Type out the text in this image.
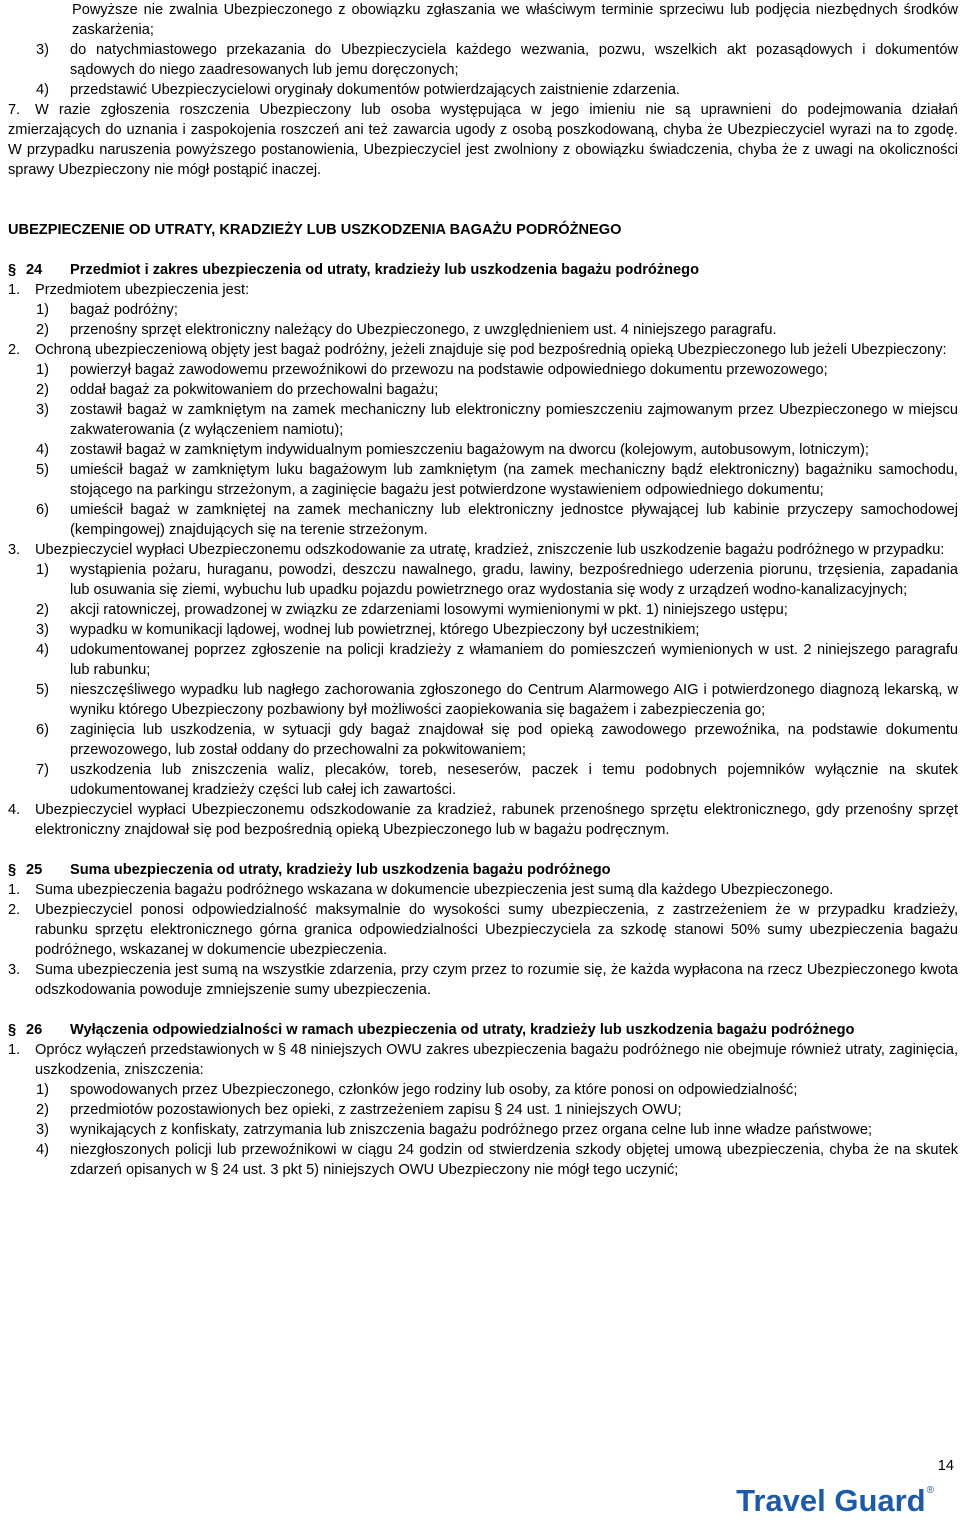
Powyższe nie zwalnia Ubezpieczonego z obowiązku zgłaszania we właściwym terminie sprzeciwu lub podjęcia niezbędnych środków zaskarżenia;

3)	do natychmiastowego przekazania do Ubezpieczyciela każdego wezwania, pozwu, wszelkich akt pozasądowych i dokumentów sądowych do niego zaadresowanych lub jemu doręczonych;
4)	przedstawić Ubezpieczycielowi oryginały dokumentów potwierdzających zaistnienie zdarzenia.
7.	W razie zgłoszenia roszczenia Ubezpieczony lub osoba występująca w jego imieniu nie są uprawnieni do podejmowania działań zmierzających do uznania i zaspokojenia roszczeń ani też zawarcia ugody z osobą poszkodowaną, chyba że Ubezpieczyciel wyrazi na to zgodę. W przypadku naruszenia powyższego postanowienia, Ubezpieczyciel jest zwolniony z obowiązku świadczenia, chyba że z uwagi na okoliczności sprawy Ubezpieczony nie mógł postąpić inaczej.
UBEZPIECZENIE OD UTRATY, KRADZIEŻY LUB USZKODZENIA BAGAŻU PODRÓŻNEGO
§ 24	Przedmiot i zakres ubezpieczenia od utraty, kradzieży lub uszkodzenia bagażu podróżnego
1.	Przedmiotem ubezpieczenia jest:
1)	bagaż podróżny;
2)	przenośny sprzęt elektroniczny należący do Ubezpieczonego, z uwzględnieniem ust. 4 niniejszego paragrafu.
2.	Ochroną ubezpieczeniową objęty jest bagaż podróżny, jeżeli znajduje się pod bezpośrednią opieką Ubezpieczonego lub jeżeli Ubezpieczony:
1)	powierzył bagaż zawodowemu przewoźnikowi do przewozu na podstawie odpowiedniego dokumentu przewozowego;
2)	oddał bagaż za pokwitowaniem do przechowalni bagażu;
3)	zostawił bagaż w zamkniętym na zamek mechaniczny lub elektroniczny pomieszczeniu zajmowanym przez Ubezpieczonego w miejscu zakwaterowania (z wyłączeniem namiotu);
4)	zostawił bagaż w zamkniętym indywidualnym pomieszczeniu bagażowym na dworcu (kolejowym, autobusowym, lotniczym);
5)	umieścił bagaż w zamkniętym luku bagażowym lub zamkniętym (na zamek mechaniczny bądź elektroniczny) bagażniku samochodu, stojącego na parkingu strzeżonym, a zaginięcie bagażu jest potwierdzone wystawieniem odpowiedniego dokumentu;
6)	umieścił bagaż w zamkniętej na zamek mechaniczny lub elektroniczny jednostce pływającej lub kabinie przyczepy samochodowej (kempingowej) znajdujących się na terenie strzeżonym.
3.	Ubezpieczyciel wypłaci Ubezpieczonemu odszkodowanie za utratę, kradzież, zniszczenie lub uszkodzenie bagażu podróżnego w przypadku:
1)	wystąpienia pożaru, huraganu, powodzi, deszczu nawalnego, gradu, lawiny, bezpośredniego uderzenia piorunu, trzęsienia, zapadania lub osuwania się ziemi, wybuchu lub upadku pojazdu powietrznego oraz wydostania się wody z urządzeń wodno-kanalizacyjnych;
2)	akcji ratowniczej, prowadzonej w związku ze zdarzeniami losowymi wymienionymi w pkt. 1) niniejszego ustępu;
3)	wypadku w komunikacji lądowej, wodnej lub powietrznej, którego Ubezpieczony był uczestnikiem;
4)	udokumentowanej poprzez zgłoszenie na policji kradzieży z włamaniem do pomieszczeń wymienionych w ust. 2 niniejszego paragrafu lub rabunku;
5)	nieszczęśliwego wypadku lub nagłego zachorowania zgłoszonego do Centrum Alarmowego AIG i potwierdzonego diagnozą lekarską, w wyniku którego Ubezpieczony pozbawiony był możliwości zaopiekowania się bagażem i zabezpieczenia go;
6)	zaginięcia lub uszkodzenia, w sytuacji gdy bagaż znajdował się pod opieką zawodowego przewoźnika, na podstawie dokumentu przewozowego, lub został oddany do przechowalni za pokwitowaniem;
7)	uszkodzenia lub zniszczenia waliz, plecaków, toreb, neseserów, paczek i temu podobnych pojemników wyłącznie na skutek udokumentowanej kradzieży części lub całej ich zawartości.
4.	Ubezpieczyciel wypłaci Ubezpieczonemu odszkodowanie za kradzież, rabunek przenośnego sprzętu elektronicznego, gdy przenośny sprzęt elektroniczny znajdował się pod bezpośrednią opieką Ubezpieczonego lub w bagażu podręcznym.
§ 25	Suma ubezpieczenia od utraty, kradzieży lub uszkodzenia bagażu podróżnego
1.	Suma ubezpieczenia bagażu podróżnego wskazana w dokumencie ubezpieczenia jest sumą dla każdego Ubezpieczonego.
2.	Ubezpieczyciel ponosi odpowiedzialność maksymalnie do wysokości sumy ubezpieczenia, z zastrzeżeniem że w przypadku kradzieży, rabunku sprzętu elektronicznego górna granica odpowiedzialności Ubezpieczyciela za szkodę stanowi 50% sumy ubezpieczenia bagażu podróżnego, wskazanej w dokumencie ubezpieczenia.
3.	Suma ubezpieczenia jest sumą na wszystkie zdarzenia, przy czym przez to rozumie się, że każda wypłacona na rzecz Ubezpieczonego kwota odszkodowania powoduje zmniejszenie sumy ubezpieczenia.
§ 26	Wyłączenia odpowiedzialności w ramach ubezpieczenia od utraty, kradzieży lub uszkodzenia bagażu podróżnego
1.	Oprócz wyłączeń przedstawionych w § 48 niniejszych OWU zakres ubezpieczenia bagażu podróżnego nie obejmuje również utraty, zaginięcia, uszkodzenia, zniszczenia:
1)	spowodowanych przez Ubezpieczonego, członków jego rodziny lub osoby, za które ponosi on odpowiedzialność;
2)	przedmiotów pozostawionych bez opieki, z zastrzeżeniem zapisu § 24 ust. 1 niniejszych OWU;
3)	wynikających z konfiskaty, zatrzymania lub zniszczenia bagażu podróżnego przez organa celne lub inne władze państwowe;
4)	niezgłoszonych policji lub przewoźnikowi w ciągu 24 godzin od stwierdzenia szkody objętej umową ubezpieczenia, chyba że na skutek zdarzeń opisanych w § 24 ust. 3 pkt 5) niniejszych OWU Ubezpieczony nie mógł tego uczynić;
14
Travel Guard ®
